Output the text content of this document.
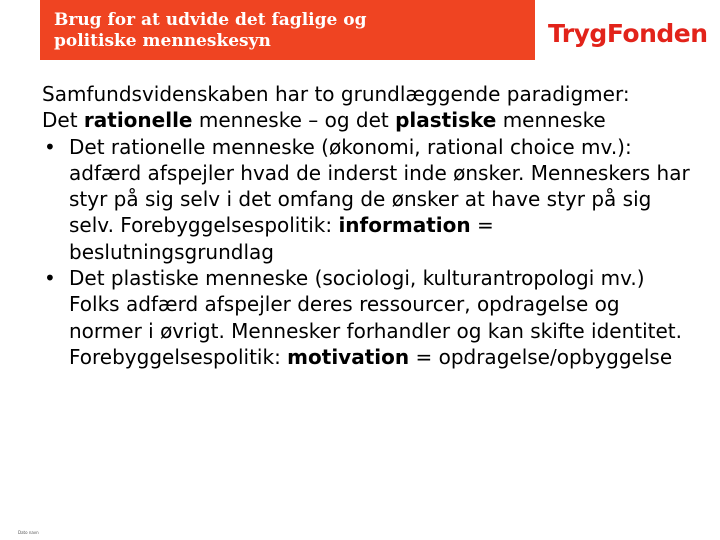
Brug for at udvide det faglige og
politiske menneskesyn	TrygFonden

Samfundsvidenskaben har to grundlæggende paradigmer:

Det rationelle menneske – og det plastiske menneske

• Det rationelle menneske (økonomi, rational choice mv.): adfærd afspejler hvad de inderst inde ønsker. Menneskers har styr på sig selv i det omfang de ønsker at have styr på sig selv. Forebyggelsespolitik: information = beslutningsgrundlag
• Det plastiske menneske (sociologi, kulturantropologi mv.) Folks adfærd afspejler deres ressourcer, opdragelse og normer i øvrigt. Mennesker forhandler og kan skifte identitet. Forebyggelsespolitik: motivation = opdragelse/opbyggelse
Dato navn
